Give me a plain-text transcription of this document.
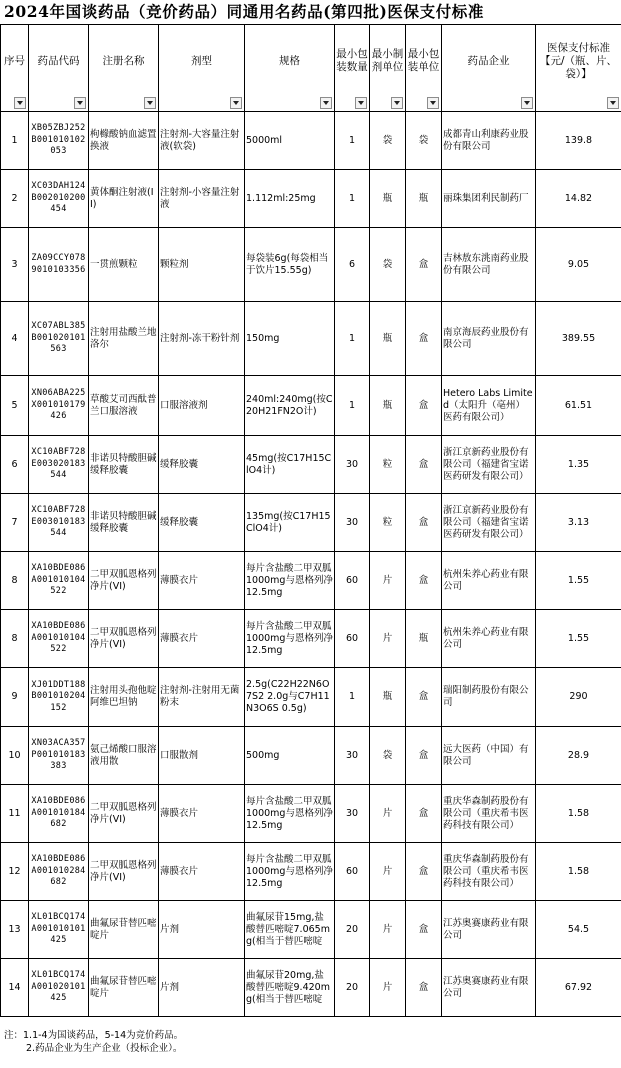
2024年国谈药品（竞价药品）同通用名药品(第四批)医保支付标准
序号	药品代码	注册名称	剂型	规格	最小包装数量	最小制剂单位	最小包装单位	药品企业	医保支付标准【元/（瓶、片、袋）】

1	XB05ZBJ252B001010102053	枸橼酸钠血滤置换液	注射剂-大容量注射液(软袋)	5000ml	1	袋	袋	成都青山利康药业股份有限公司	139.8
2	XC03DAH124B002010200454	黄体酮注射液(II)	注射剂-小容量注射液	1.112ml:25mg	1	瓶	瓶	丽珠集团利民制药厂	14.82
3	ZA09CCY0789010103356	一贯煎颗粒	颗粒剂	每袋装6g(每袋相当于饮片15.55g)	6	袋	盒	吉林敖东洮南药业股份有限公司	9.05
4	XC07ABL385B001020101563	注射用盐酸兰地洛尔	注射剂-冻干粉针剂	150mg	1	瓶	盒	南京海辰药业股份有限公司	389.55
5	XN06ABA225X001010179426	草酸艾司西酞普兰口服溶液	口服溶液剂	240ml:240mg(按C20H21FN2O计)	1	瓶	盒	Hetero Labs Limited（太阳升（亳州）医药有限公司）	61.51
6	XC10ABF728E003020183544	非诺贝特酸胆碱缓释胶囊	缓释胶囊	45mg(按C17H15ClO4计)	30	粒	盒	浙江京新药业股份有限公司（福建省宝诺医药研发有限公司）	1.35
7	XC10ABF728E003010183544	非诺贝特酸胆碱缓释胶囊	缓释胶囊	135mg(按C17H15ClO4计)	30	粒	盒	浙江京新药业股份有限公司（福建省宝诺医药研发有限公司）	3.13
8	XA10BDE086A001010104522	二甲双胍恩格列净片(VI)	薄膜衣片	每片含盐酸二甲双胍1000mg与恩格列净12.5mg	60	片	盒	杭州朱养心药业有限公司	1.55
8	XA10BDE086A001010104522	二甲双胍恩格列净片(VI)	薄膜衣片	每片含盐酸二甲双胍1000mg与恩格列净12.5mg	60	片	瓶	杭州朱养心药业有限公司	1.55
9	XJ01DDT188B001010204152	注射用头孢他啶阿维巴坦钠	注射剂-注射用无菌粉末	2.5g(C22H22N6O7S2 2.0g与C7H11N3O6S 0.5g)	1	瓶	盒	瑞阳制药股份有限公司	290
10	XN03ACA357P001010183383	氨己烯酸口服溶液用散	口服散剂	500mg	30	袋	盒	远大医药（中国）有限公司	28.9
11	XA10BDE086A001010184682	二甲双胍恩格列净片(VI)	薄膜衣片	每片含盐酸二甲双胍1000mg与恩格列净12.5mg	30	片	盒	重庆华森制药股份有限公司（重庆希韦医药科技有限公司）	1.58
12	XA10BDE086A001010284682	二甲双胍恩格列净片(VI)	薄膜衣片	每片含盐酸二甲双胍1000mg与恩格列净12.5mg	60	片	盒	重庆华森制药股份有限公司（重庆希韦医药科技有限公司）	1.58
13	XL01BCQ174A001010101425	曲氟尿苷替匹嘧啶片	片剂	曲氟尿苷15mg,盐酸替匹嘧啶7.065mg(相当于替匹嘧啶	20	片	盒	江苏奥赛康药业有限公司	54.5
14	XL01BCQ174A001020101425	曲氟尿苷替匹嘧啶片	片剂	曲氟尿苷20mg,盐酸替匹嘧啶9.420mg(相当于替匹嘧啶	20	片	盒	江苏奥赛康药业有限公司	67.92
注：1.1-4为国谈药品，5-14为竞价药品。
2.药品企业为生产企业（投标企业）。
